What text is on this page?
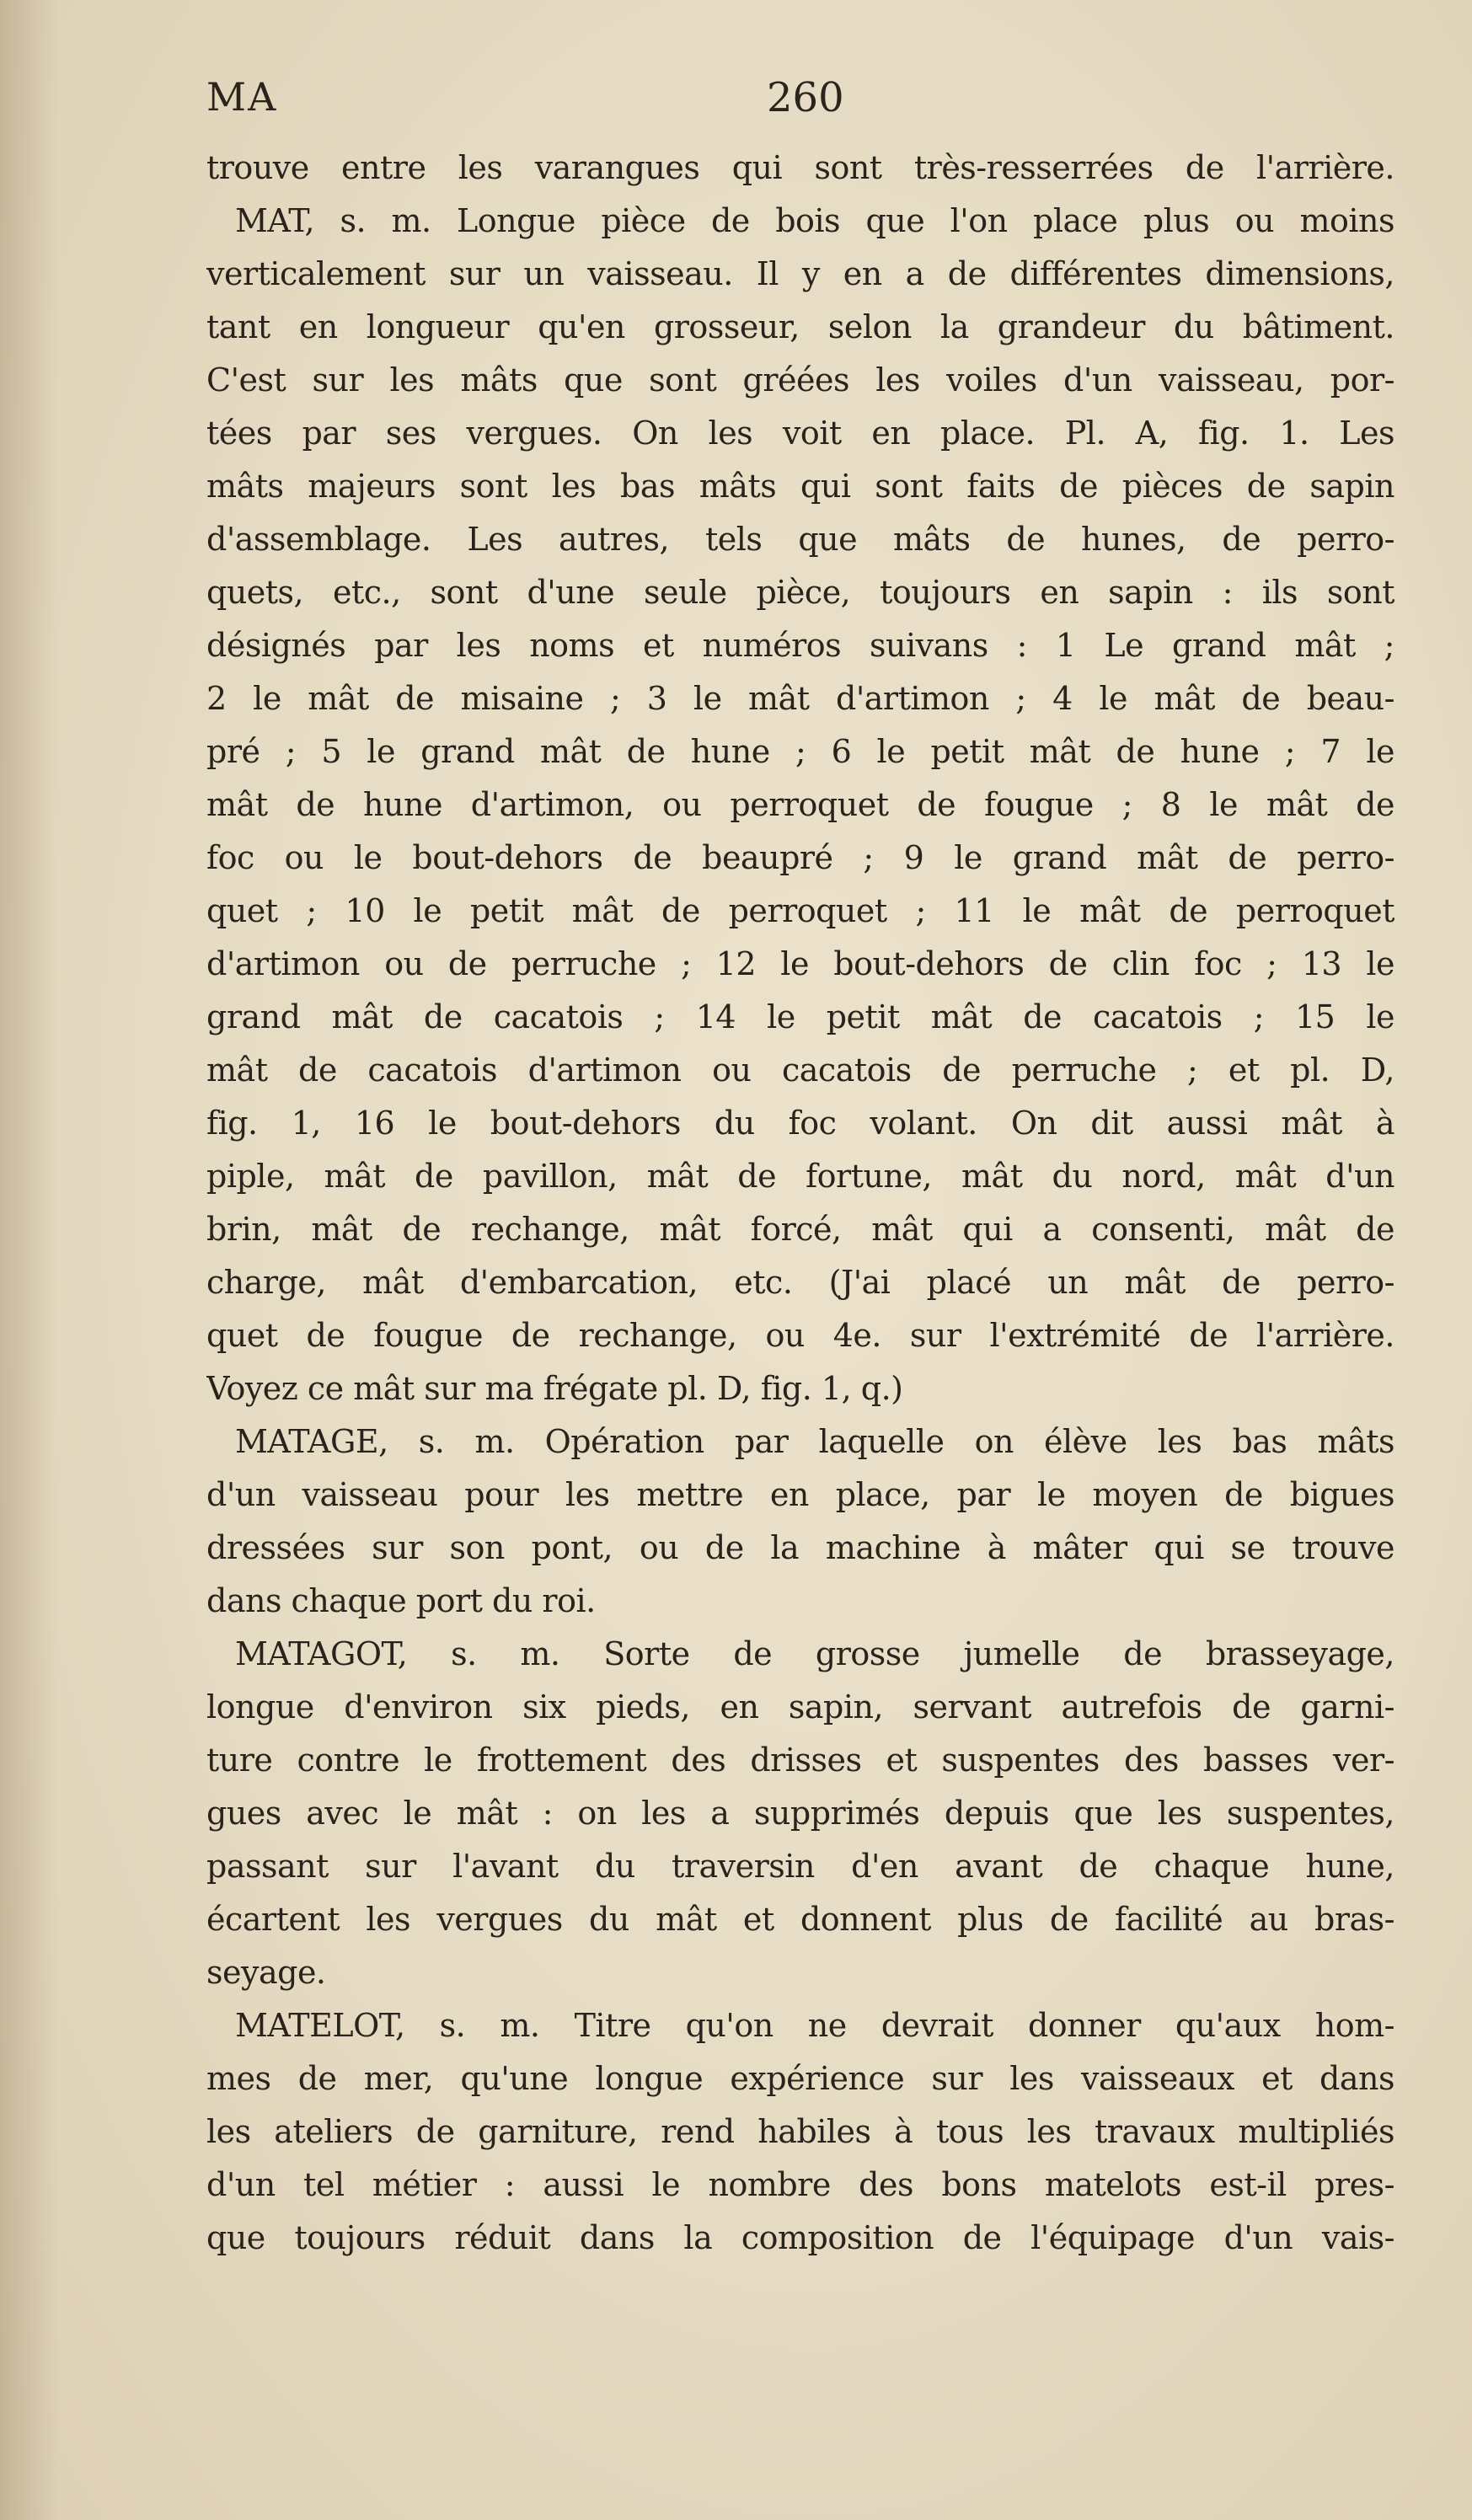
MA	260
trouve entre les varangues qui sont très-resserrées de l'arrière.
MAT, s. m. Longue pièce de bois que l'on place plus ou moins
verticalement sur un vaisseau. Il y en a de différentes dimensions,
tant en longueur qu'en grosseur, selon la grandeur du bâtiment.
C'est sur les mâts que sont gréées les voiles d'un vaisseau, por-
tées par ses vergues. On les voit en place. Pl. A, fig. 1. Les
mâts majeurs sont les bas mâts qui sont faits de pièces de sapin
d'assemblage. Les autres, tels que mâts de hunes, de perro-
quets, etc., sont d'une seule pièce, toujours en sapin : ils sont
désignés par les noms et numéros suivans : 1 Le grand mât ;
2 le mât de misaine ; 3 le mât d'artimon ; 4 le mât de beau-
pré ; 5 le grand mât de hune ; 6 le petit mât de hune ; 7 le
mât de hune d'artimon, ou perroquet de fougue ; 8 le mât de
foc ou le bout-dehors de beaupré ; 9 le grand mât de perro-
quet ; 10 le petit mât de perroquet ; 11 le mât de perroquet
d'artimon ou de perruche ; 12 le bout-dehors de clin foc ; 13 le
grand mât de cacatois ; 14 le petit mât de cacatois ; 15 le
mât de cacatois d'artimon ou cacatois de perruche ; et pl. D,
fig. 1, 16 le bout-dehors du foc volant. On dit aussi mât à
piple, mât de pavillon, mât de fortune, mât du nord, mât d'un
brin, mât de rechange, mât forcé, mât qui a consenti, mât de
charge, mât d'embarcation, etc. (J'ai placé un mât de perro-
quet de fougue de rechange, ou 4e. sur l'extrémité de l'arrière.
Voyez ce mât sur ma frégate pl. D, fig. 1, q.)
MATAGE, s. m. Opération par laquelle on élève les bas mâts
d'un vaisseau pour les mettre en place, par le moyen de bigues
dressées sur son pont, ou de la machine à mâter qui se trouve
dans chaque port du roi.
MATAGOT, s. m. Sorte de grosse jumelle de brasseyage,
longue d'environ six pieds, en sapin, servant autrefois de garni-
ture contre le frottement des drisses et suspentes des basses ver-
gues avec le mât : on les a supprimés depuis que les suspentes,
passant sur l'avant du traversin d'en avant de chaque hune,
écartent les vergues du mât et donnent plus de facilité au bras-
seyage.
MATELOT, s. m. Titre qu'on ne devrait donner qu'aux hom-
mes de mer, qu'une longue expérience sur les vaisseaux et dans
les ateliers de garniture, rend habiles à tous les travaux multipliés
d'un tel métier : aussi le nombre des bons matelots est-il pres-
que toujours réduit dans la composition de l'équipage d'un vais-
